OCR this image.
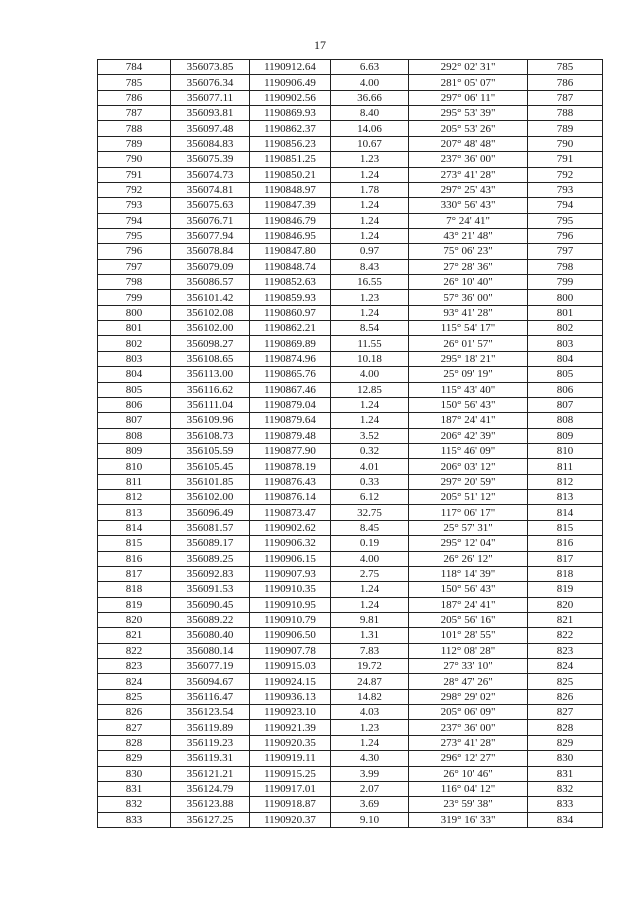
17
784	356073.85	1190912.64	6.63	292° 02' 31"	785
785	356076.34	1190906.49	4.00	281° 05' 07"	786
786	356077.11	1190902.56	36.66	297° 06' 11"	787
787	356093.81	1190869.93	8.40	295° 53' 39"	788
788	356097.48	1190862.37	14.06	205° 53' 26"	789
789	356084.83	1190856.23	10.67	207° 48' 48"	790
790	356075.39	1190851.25	1.23	237° 36' 00"	791
791	356074.73	1190850.21	1.24	273° 41' 28"	792
792	356074.81	1190848.97	1.78	297° 25' 43"	793
793	356075.63	1190847.39	1.24	330° 56' 43"	794
794	356076.71	1190846.79	1.24	7° 24' 41"	795
795	356077.94	1190846.95	1.24	43° 21' 48"	796
796	356078.84	1190847.80	0.97	75° 06' 23"	797
797	356079.09	1190848.74	8.43	27° 28' 36"	798
798	356086.57	1190852.63	16.55	26° 10' 40"	799
799	356101.42	1190859.93	1.23	57° 36' 00"	800
800	356102.08	1190860.97	1.24	93° 41' 28"	801
801	356102.00	1190862.21	8.54	115° 54' 17"	802
802	356098.27	1190869.89	11.55	26° 01' 57"	803
803	356108.65	1190874.96	10.18	295° 18' 21"	804
804	356113.00	1190865.76	4.00	25° 09' 19"	805
805	356116.62	1190867.46	12.85	115° 43' 40"	806
806	356111.04	1190879.04	1.24	150° 56' 43"	807
807	356109.96	1190879.64	1.24	187° 24' 41"	808
808	356108.73	1190879.48	3.52	206° 42' 39"	809
809	356105.59	1190877.90	0.32	115° 46' 09"	810
810	356105.45	1190878.19	4.01	206° 03' 12"	811
811	356101.85	1190876.43	0.33	297° 20' 59"	812
812	356102.00	1190876.14	6.12	205° 51' 12"	813
813	356096.49	1190873.47	32.75	117° 06' 17"	814
814	356081.57	1190902.62	8.45	25° 57' 31"	815
815	356089.17	1190906.32	0.19	295° 12' 04"	816
816	356089.25	1190906.15	4.00	26° 26' 12"	817
817	356092.83	1190907.93	2.75	118° 14' 39"	818
818	356091.53	1190910.35	1.24	150° 56' 43"	819
819	356090.45	1190910.95	1.24	187° 24' 41"	820
820	356089.22	1190910.79	9.81	205° 56' 16"	821
821	356080.40	1190906.50	1.31	101° 28' 55"	822
822	356080.14	1190907.78	7.83	112° 08' 28"	823
823	356077.19	1190915.03	19.72	27° 33' 10"	824
824	356094.67	1190924.15	24.87	28° 47' 26"	825
825	356116.47	1190936.13	14.82	298° 29' 02"	826
826	356123.54	1190923.10	4.03	205° 06' 09"	827
827	356119.89	1190921.39	1.23	237° 36' 00"	828
828	356119.23	1190920.35	1.24	273° 41' 28"	829
829	356119.31	1190919.11	4.30	296° 12' 27"	830
830	356121.21	1190915.25	3.99	26° 10' 46"	831
831	356124.79	1190917.01	2.07	116° 04' 12"	832
832	356123.88	1190918.87	3.69	23° 59' 38"	833
833	356127.25	1190920.37	9.10	319° 16' 33"	834
